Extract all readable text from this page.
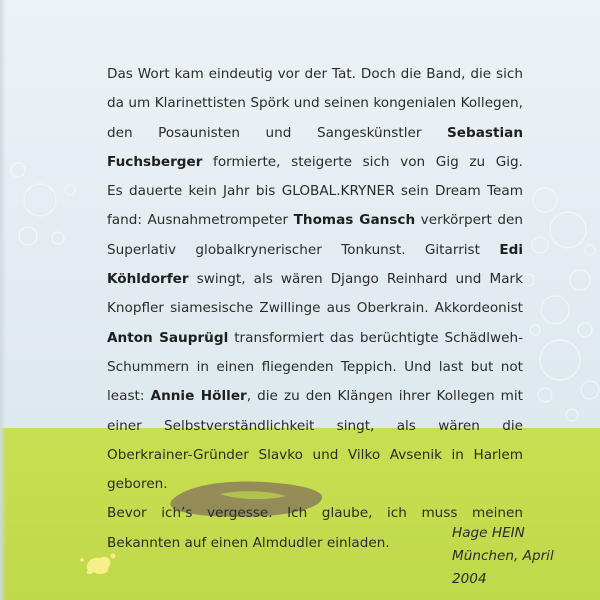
Das Wort kam eindeutig vor der Tat. Doch die Band, die sich da um Klarinettisten Spörk und seinen kongenialen Kollegen, den Posaunisten und Sangeskünstler Sebastian Fuchsberger formierte, steigerte sich von Gig zu Gig.

Es dauerte kein Jahr bis GLOBAL.KRYNER sein Dream Team fand: Ausnahmetrompeter Thomas Gansch verkörpert den Superlativ globalkrynerischer Tonkunst. Gitarrist Edi Köhldorfer swingt, als wären Django Reinhard und Mark Knopfler siamesische Zwillinge aus Oberkrain. Akkordeonist Anton Sauprügl transformiert das berüchtigte Schädlweh-Schummern in einen fliegenden Teppich. Und last but not least: Annie Höller, die zu den Klängen ihrer Kollegen mit einer Selbstverständlichkeit singt, als wären die Oberkrainer-Gründer Slavko und Vilko Avsenik in Harlem geboren.

Bevor ich’s vergesse. Ich glaube, ich muss meinen Bekannten auf einen Almdudler einladen.

Hage HEIN
München, April 2004
